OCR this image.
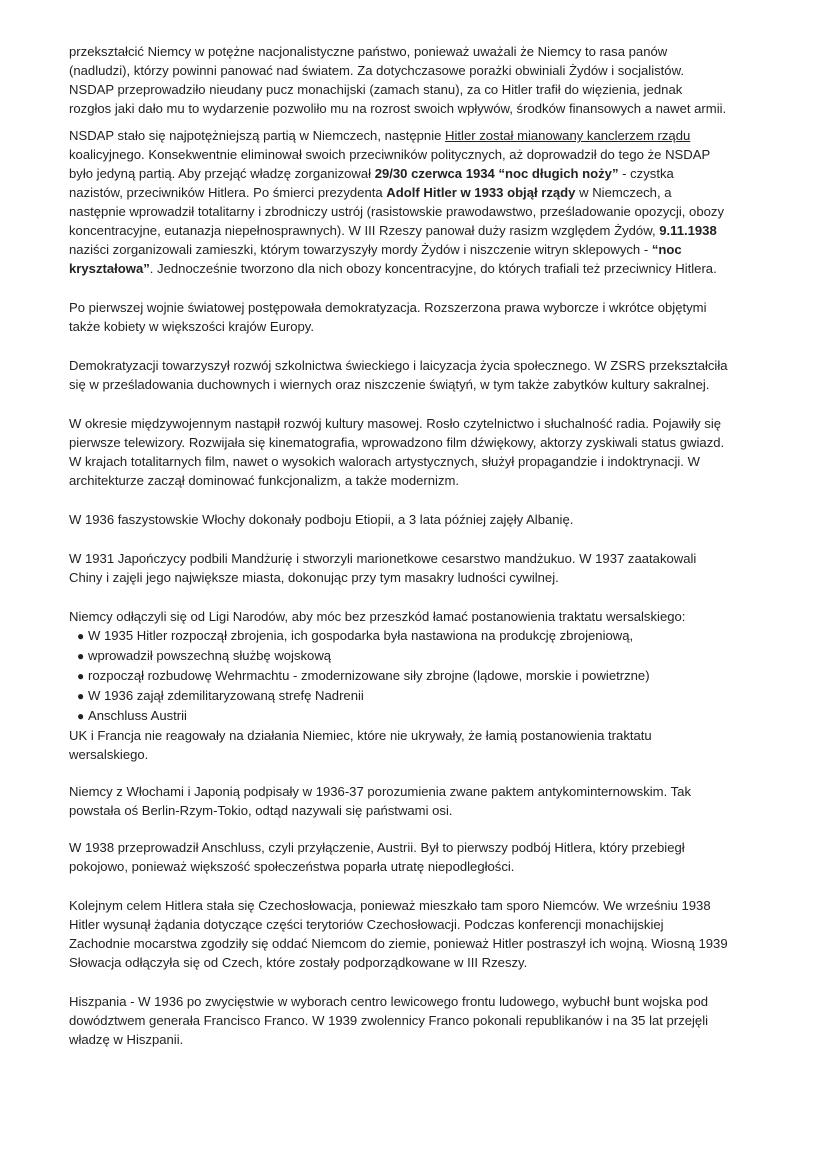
przekształcić Niemcy w potężne nacjonalistyczne państwo, ponieważ uważali że Niemcy to rasa panów

(nadludzi), którzy powinni panować nad światem. Za dotychczasowe porażki obwiniali Żydów i socjalistów.

NSDAP przeprowadziło nieudany pucz monachijski (zamach stanu), za co Hitler trafił do więzienia, jednak

rozgłos jaki dało mu to wydarzenie pozwoliło mu na rozrost swoich wpływów, środków finansowych a nawet armii.

NSDAP stało się najpotężniejszą partią w Niemczech, następnie Hitler został mianowany kanclerzem rządu

koalicyjnego. Konsekwentnie eliminował swoich przeciwników politycznych, aż doprowadził do tego że NSDAP

było jedyną partią. Aby przejąć władzę zorganizował 29/30 czerwca 1934 “noc długich noży” - czystka

nazistów, przeciwników Hitlera. Po śmierci prezydenta Adolf Hitler w 1933 objął rządy w Niemczech, a

następnie wprowadził totalitarny i zbrodniczy ustrój (rasistowskie prawodawstwo, prześladowanie opozycji, obozy

koncentracyjne, eutanazja niepełnosprawnych). W III Rzeszy panował duży rasizm względem Żydów, 9.11.1938

naziści zorganizowali zamieszki, którym towarzyszyły mordy Żydów i niszczenie witryn sklepowych - “noc

kryształowa”. Jednocześnie tworzono dla nich obozy koncentracyjne, do których trafiali też przeciwnicy Hitlera.

Po pierwszej wojnie światowej postępowała demokratyzacja. Rozszerzona prawa wyborcze i wkrótce objętymi

także kobiety w większości krajów Europy.

Demokratyzacji towarzyszył rozwój szkolnictwa świeckiego i laicyzacja życia społecznego. W ZSRS przekształciła

się w prześladowania duchownych i wiernych oraz niszczenie świątyń, w tym także zabytków kultury sakralnej.

W okresie międzywojennym nastąpił rozwój kultury masowej. Rosło czytelnictwo i słuchalność radia. Pojawiły się

pierwsze telewizory. Rozwijała się kinematografia, wprowadzono film dźwiękowy, aktorzy zyskiwali status gwiazd.

W krajach totalitarnych film, nawet o wysokich walorach artystycznych, służył propagandzie i indoktrynacji. W

architekturze zaczął dominować funkcjonalizm, a także modernizm.

W 1936 faszystowskie Włochy dokonały podboju Etiopii, a 3 lata później zajęły Albanię.

W 1931 Japończycy podbili Mandżurię i stworzyli marionetkowe cesarstwo mandżukuo. W 1937 zaatakowali

Chiny i zajęli jego największe miasta, dokonując przy tym masakry ludności cywilnej.

Niemcy odłączyli się od Ligi Narodów, aby móc bez przeszkód łamać postanowienia traktatu wersalskiego:

● W 1935 Hitler rozpoczął zbrojenia, ich gospodarka była nastawiona na produkcję zbrojeniową,
● wprowadził powszechną służbę wojskową
● rozpoczął rozbudowę Wehrmachtu - zmodernizowane siły zbrojne (lądowe, morskie i powietrzne)
● W 1936 zajął zdemilitaryzowaną strefę Nadrenii
● Anschluss Austrii

UK i Francja nie reagowały na działania Niemiec, które nie ukrywały, że łamią postanowienia traktatu

wersalskiego.

Niemcy z Włochami i Japonią podpisały w 1936-37 porozumienia zwane paktem antykominternowskim. Tak

powstała oś Berlin-Rzym-Tokio, odtąd nazywali się państwami osi.

W 1938 przeprowadził Anschluss, czyli przyłączenie, Austrii. Był to pierwszy podbój Hitlera, który przebiegł

pokojowo, ponieważ większość społeczeństwa poparła utratę niepodległości.

Kolejnym celem Hitlera stała się Czechosłowacja, ponieważ mieszkało tam sporo Niemców. We wrześniu 1938

Hitler wysunął żądania dotyczące części terytoriów Czechosłowacji. Podczas konferencji monachijskiej

Zachodnie mocarstwa zgodziły się oddać Niemcom do ziemie, ponieważ Hitler postraszył ich wojną. Wiosną 1939

Słowacja odłączyła się od Czech, które zostały podporządkowane w III Rzeszy.

Hiszpania - W 1936 po zwycięstwie w wyborach centro lewicowego frontu ludowego, wybuchł bunt wojska pod

dowództwem generała Francisco Franco. W 1939 zwolennicy Franco pokonali republikanów i na 35 lat przejęli

władzę w Hiszpanii.
